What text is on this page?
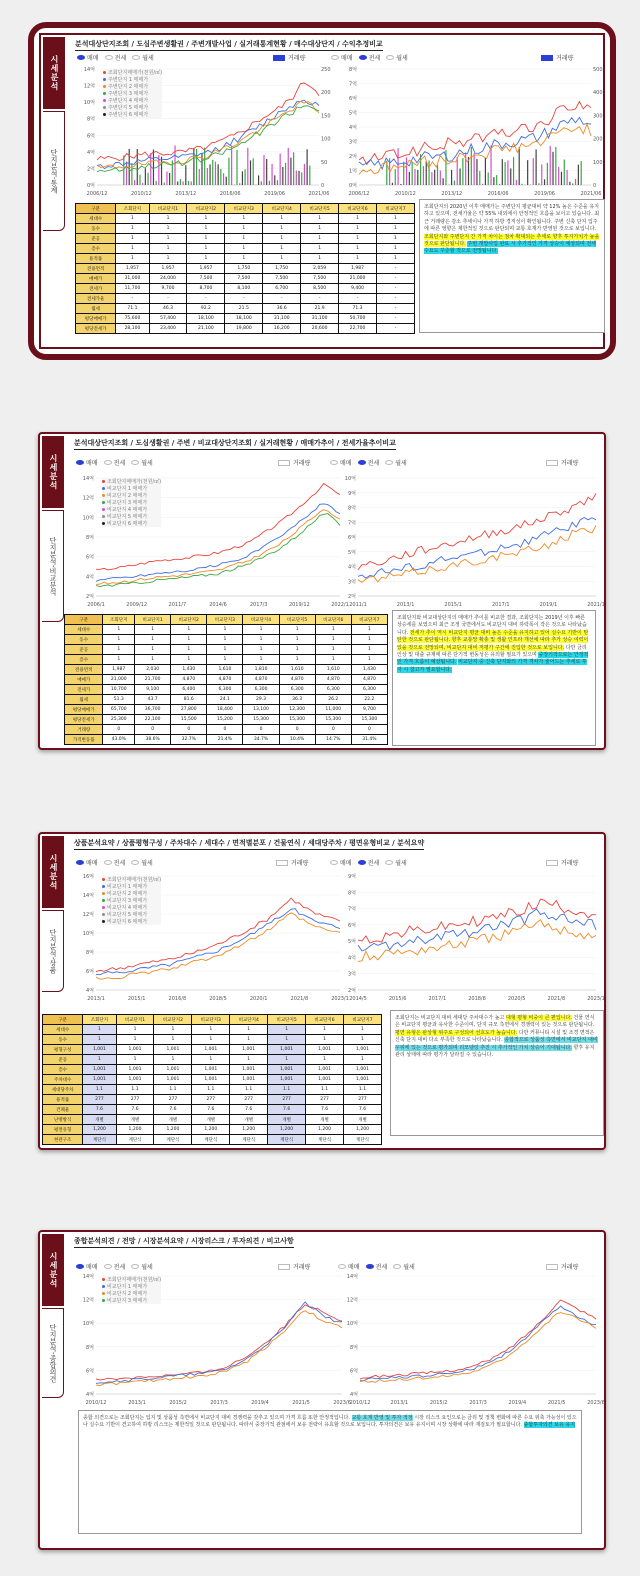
시세분석
단지분석-통계
분석대상단지조회 / 도심주변생활권 / 주변개발사업 / 실거래통계현황 / 매수대상단지 / 수익추정비교
매매	전세	월세	거래량	매매	전세	월세	거래량
14억
12억
10억
8억
6억
4억
2억
0억
250
200
150
100
50
0
2006/12	2010/12	2013/12	2016/06	2019/06	2021/06
조회단지매매가(천원/㎡)
주변단지 1 매매가
주변단지 2 매매가
주변단지 3 매매가
주변단지 4 매매가
주변단지 5 매매가
주변단지 6 매매가
8억
7억
6억
5억
4억
3억
2억
1억
0억
500
400
300
200
100
0
2006/12	2010/12	2013/12	2016/06	2019/06	2021/06
구분	조회단지	비교단지1	비교단지2	비교단지3	비교단지4	비교단지5	비교단지6	비교단지7
세대수	1	1	1	1	1	1	1	1
동수	1	1	1	1	1	1	1	1
준공	1	1	1	1	1	1	1	1
층수	1	1	1	1	1	1	1	1
용적률	1	1	1	1	1	1	1	1
전용면적	1,957	1,957	1,957	1,750	1,750	2,059	1,987	-
매매가	31,000	24,000	7,500	7,500	7,500	7,500	21,000	-
전세가	11,700	9,700	8,700	8,100	6,700	8,500	9,400	-
전세가율	-	-	-	-	-	-	-	-
월세	71.1	46.3	92.2	21.5	36.6	21.9	71.3	-
평당매매가	75,600	57,400	18,100	18,100	31,100	31,100	50,700	-
평당전세가	28,100	23,400	21,100	19,800	16,200	20,600	22,700	-
조회단지의 2020년 이후 매매가는 주변단지 평균대비 약 12% 높은 수준을 유지하고 있으며, 전세가율은 약 55% 내외에서 안정적인 흐름을 보이고 있습니다. 최근 거래량은 감소 추세이나 가격 하방 경직성이 확인됩니다. 주변 신축 단지 입주에 따른 영향은 제한적일 것으로 판단되며 교통 호재가 반영된 것으로 보입니다. 조회단지와 주변단지 간 가격 차이는 점차 확대되는 추세로 향후 투자가치가 높을 것으로 판단됩니다. 주변 개발사업 완료 시 추가적인 가격 상승이 예상되며 전세 수요도 꾸준할 것으로 전망됩니다.
시세분석
단지분석-비교분석
분석대상단지조회 / 도심생활권 / 주변 / 비교대상단지조회 / 실거래현황 / 매매가추이 / 전세가율추이비교
매매	전세	월세	거래량	매매	전세	월세	거래량
14억
12억
10억
8억
6억
4억
2억
2006/1	2009/12	2011/7	2014/6	2017/3	2019/12	2022/1
조회단지매매가(천원/㎡)
비교단지 1 매매가
비교단지 2 매매가
비교단지 3 매매가
비교단지 4 매매가
비교단지 5 매매가
비교단지 6 매매가
10억
9억
8억
7억
6억
5억
4억
3억
2억
2011/1	2013/1	2015/1	2017/1	2019/1	2021/1
구분	조회단지	비교단지1	비교단지2	비교단지3	비교단지4	비교단지5	비교단지6	비교단지7
세대수	1	1	1	1	1	1	1	1
동수	1	1	1	1	1	1	1	1
준공	1	1	1	1	1	1	1	1
층수	1	1	1	1	1	1	1	1
전용면적	1,987	2,030	1,430	1,610	1,810	1,610	1,610	1,430
매매가	21,000	21,700	4,870	4,870	4,870	4,870	4,870	4,870
전세가	10,700	9,100	6,400	6,300	6,300	6,300	6,300	6,300
월세	51.3	43.7	81.6	24.1	29.3	36.3	26.2	22.2
평당매매가	65,700	36,700	27,800	18,400	13,100	12,300	11,000	9,700
평당전세가	25,300	22,100	15,500	15,200	15,300	15,300	15,300	15,300
거래량	0	0	0	0	0	0	0	0
가격변동률	43.0%	38.6%	32.7%	21.4%	34.7%	10.4%	14.7%	31.4%
조회단지와 비교대상단지의 매매가 추이를 비교한 결과, 조회단지는 2019년 이후 빠른 상승세를 보였으며 최근 조정 국면에서도 비교단지 대비 하락폭이 작은 것으로 나타났습니다. 전세가 추이 역시 비교단지 평균 대비 높은 수준을 유지하고 있어 실수요 기반이 탄탄한 것으로 판단됩니다. 향후 교통망 확충 및 생활 인프라 개선에 따라 추가 상승 여력이 있을 것으로 전망되며, 비교단지 대비 저평가 구간에 진입한 것으로 보입니다. 다만 금리 인상 및 대출 규제에 따른 단기적 변동성은 유의할 필요가 있으며 중장기적으로는 안정적인 가격 흐름이 예상됩니다. 비교단지 중 신축 단지와의 가격 격차가 줄어드는 추세로 투자 시 참고가 필요합니다.
시세분석
단지분석-상품
상품분석요약 / 상품평형구성 / 주차대수 / 세대수 / 면적별분포 / 건물연식 / 세대당주차 / 평면유형비교 / 분석요약
매매	전세	월세	거래량	매매	전세	월세	거래량
16억
14억
12억
10억
8억
6억
4억
2013/1	2015/1	2016/8	2018/5	2020/1	2021/8	2023/1
조회단지매매가(천원/㎡)
비교단지 1 매매가
비교단지 2 매매가
비교단지 3 매매가
비교단지 4 매매가
비교단지 5 매매가
비교단지 6 매매가
9억
8억
7억
6억
5억
4억
3억
2억
2014/5	2015/6	2017/1	2018/8	2020/5	2021/8	2023/1
구분	조회단지	비교단지1	비교단지2	비교단지3	비교단지4	비교단지5	비교단지6	비교단지7
세대수	1	1	1	1	1	1	1	1
동수	1	1	1	1	1	1	1	1
평형구성	1,001	1,001	1,001	1,001	1,001	1,001	1,001	1,001
준공	1	1	1	1	1	1	1	1
층수	1,001	1,001	1,001	1,001	1,001	1,001	1,001	1,001
주차대수	1,001	1,001	1,001	1,001	1,001	1,001	1,001	1,001
세대당주차	1.1	1.1	1.1	1.1	1.1	1.1	1.1	1.1
용적률	277	277	277	277	277	277	277	277
건폐율	7.6	7.6	7.6	7.6	7.6	7.6	7.6	7.6
난방방식	개별	개별	개별	개별	개별	개별	개별	개별
평면유형	1,200	1,200	1,200	1,200	1,200	1,200	1,200	1,200
현관구조	계단식	계단식	계단식	계단식	계단식	계단식	계단식	계단식
조회단지는 비교단지 대비 세대당 주차대수가 높고 대형 평형 비중이 큰 편입니다. 건물 연식은 비교단지 평균과 유사한 수준이며, 단지 규모 측면에서 경쟁력이 있는 것으로 판단됩니다. 평면 유형은 판상형 위주로 구성되어 선호도가 높습니다. 다만 커뮤니티 시설 및 조경 면적은 신축 단지 대비 다소 부족한 것으로 나타났습니다. 종합적으로 상품성 측면에서 비교단지 대비 우위에 있는 것으로 평가되며 리모델링 추진 시 추가적인 가치 상승이 기대됩니다. 향후 유지관리 상태에 따라 평가가 달라질 수 있습니다.
시세분석
단지분석-종합의견
종합분석의견 / 전망 / 시장분석요약 / 시장리스크 / 투자의견 / 비고사항
매매	전세	월세	거래량	매매	전세	월세	거래량
14억
12억
10억
8억
6억
4억
2010/12	2013/1	2015/2	2017/3	2019/4	2021/5	2023/6
조회단지매매가(천원/㎡)
비교단지 1 매매가
비교단지 2 매매가
비교단지 3 매매가
14억
12억
10억
8억
6억
4억
2010/12	2013/1	2015/2	2017/3	2019/4	2021/5	2023/6
종합 의견으로는 조회단지는 입지 및 상품성 측면에서 비교단지 대비 경쟁력을 갖추고 있으며 가격 흐름 또한 안정적입니다. 교통 호재 반영 및 투자 적정 시장 리스크 요인으로는 금리 및 정책 변화에 따른 수요 위축 가능성이 있으나 실수요 기반이 견고하여 하방 리스크는 제한적일 것으로 판단됩니다. 따라서 중장기적 관점에서 보유 전략이 유효할 것으로 보입니다. 투자의견은 보유 유지이며 시장 상황에 따라 재검토가 필요합니다. 종합투자의견 보유 유지
